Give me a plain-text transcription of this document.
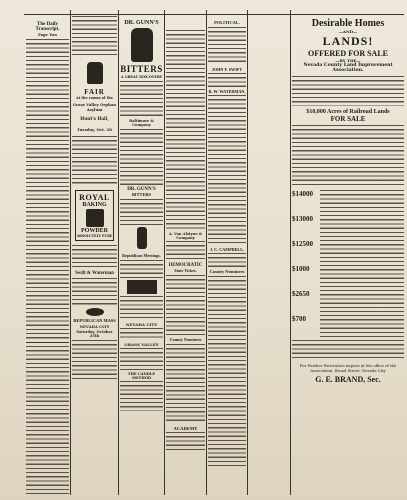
The Daily Transcript.
Page Two
FAIR
At the rooms of the
Grass Valley Orphan Asylum
Hunt's Hall,
Tuesday, Oct. 28
ROYAL
BAKING
POWDER
ABSOLUTELY PURE
Swift & Waterman
REPUBLICAN MASS
NEVADA CITY
Saturday, October 25th
DR. GUNN'S
BITTERS
A GREAT DISCOVERY
Baltimore & Company
DR. GUNN'S
BITTERS
Republican Meetings.
NEVADA CITY
GRASS VALLEY
THE CANDLE METHOD
A. Van Alstyne & Company
DEMOCRATIC
State Ticket.
County Nominees
ACADEMY
POLITICAL.
JOHN F. SWIFT
R. W. WATERMAN,
J. C. CAMPBELL,
County Nominees
Desirable Homes
—AND—
LANDS!
OFFERED FOR SALE
—BY THE—
Nevada County Land Improvement Association.
$10,000 Acres of Railroad Lands
FOR SALE
$14000
$13000
$12500
$1000
$2650
$700
For Further Particulars inquire at the office of the Association, Broad Street, Nevada City
G. E. BRAND, Sec.
